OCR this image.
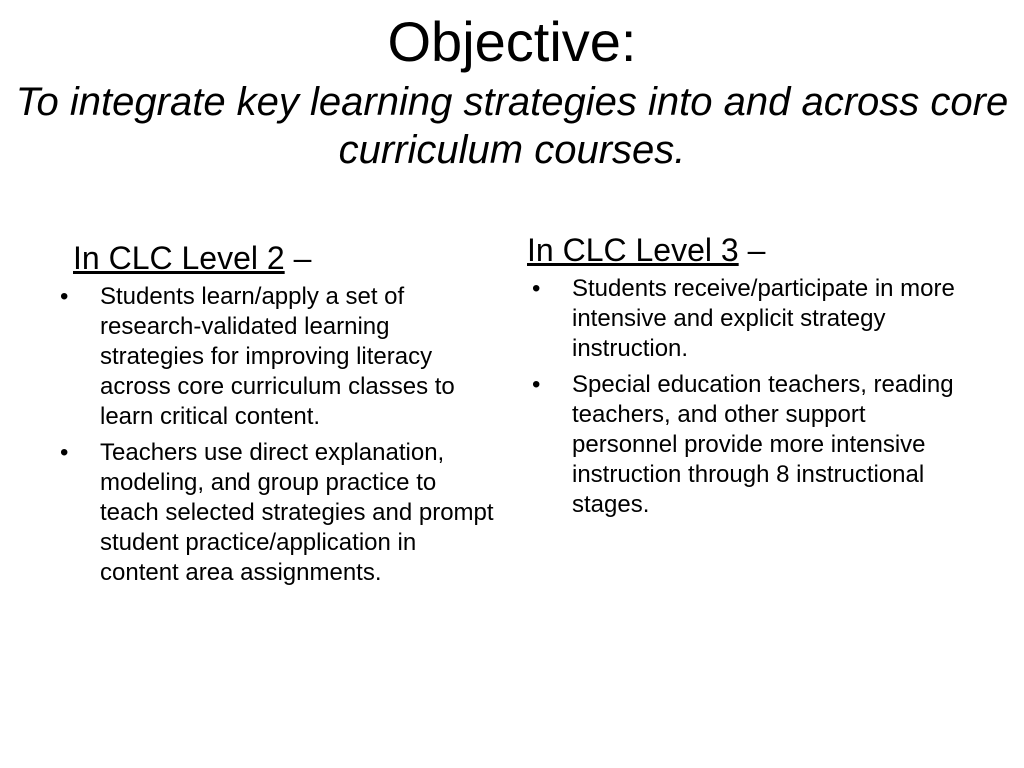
Objective:
To integrate key learning strategies into and across core curriculum courses.
In CLC Level 2 –
• Students learn/apply a set of research-validated learning strategies for improving literacy across core curriculum classes to learn critical content.
• Teachers use direct explanation, modeling, and group practice to teach selected strategies and prompt student practice/application in content area assignments.
In CLC Level 3 –
• Students receive/participate in more intensive and explicit strategy instruction.
• Special education teachers, reading teachers, and other support personnel provide more intensive instruction through 8 instructional stages.
